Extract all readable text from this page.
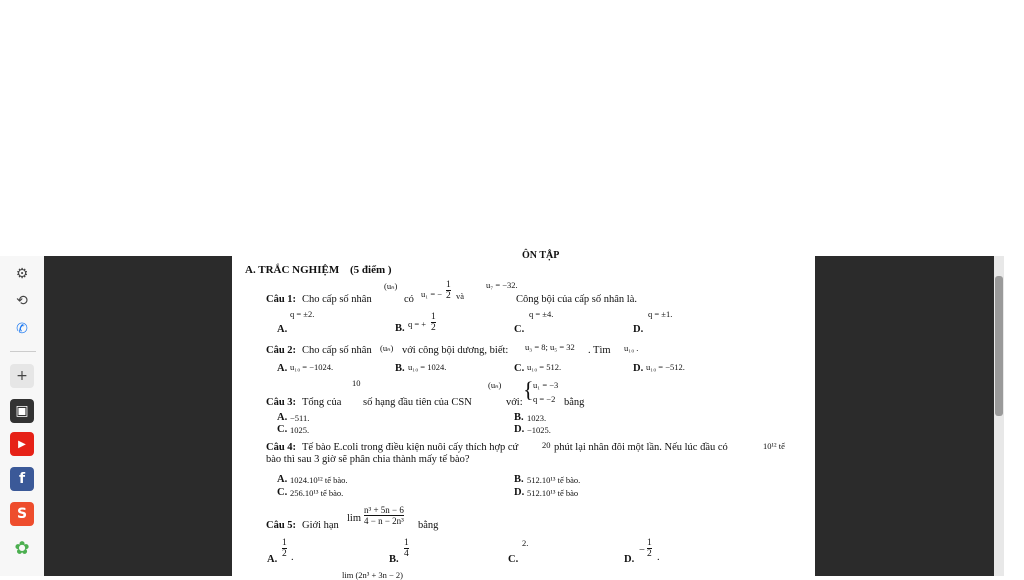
⚙
⟲
✆
+
▣
▶
f
S
✿
ÔN TẬP
A. TRẮC NGHIỆM (5 điểm )
Câu 1: Cho cấp số nhân
(uₙ)
có u₁ = −
1
2 và
u₇ = −32.
Công bội của cấp số nhân là.
q = ±2.
A.	B. q = +
1
2
q = ±4.
C.
q = ±1.
D.
Câu 2: Cho cấp số nhân (uₙ) với công bội dương, biết: u₃ = 8; u₅ = 32 . Tìm u₁₀ .
A. u₁₀ = −1024.	B. u₁₀ = 1024.	C. u₁₀ = 512.	D. u₁₀ = −512.
10
Câu 3: Tổng của số hạng đầu tiên của CSN
(uₙ)
với:
{ u₁ = −3
q = −2 bằng
A. −511.	B. 1023.
C. 1025.	D. −1025.
Câu 4: Tế bào E.coli trong điều kiện nuôi cấy thích hợp cứ	20 phút lại nhân đôi một lần. Nếu lúc đầu có	10¹² tế
bào thì sau 3 giờ sẽ phân chia thành mấy tế bào?
A. 1024.10¹² tế bào.	B. 512.10¹³ tế bào.
C. 256.10¹³ tế bào.	D. 512.10¹³ tế bào
Câu 5: Giới hạn
lim
n³ + 5n − 6
4 − n − 2n³ bằng
A.
1
2 .	B.
1
4	C.
2.
D.
−
1
2 .
lim (2n³ + 3n − 2)
